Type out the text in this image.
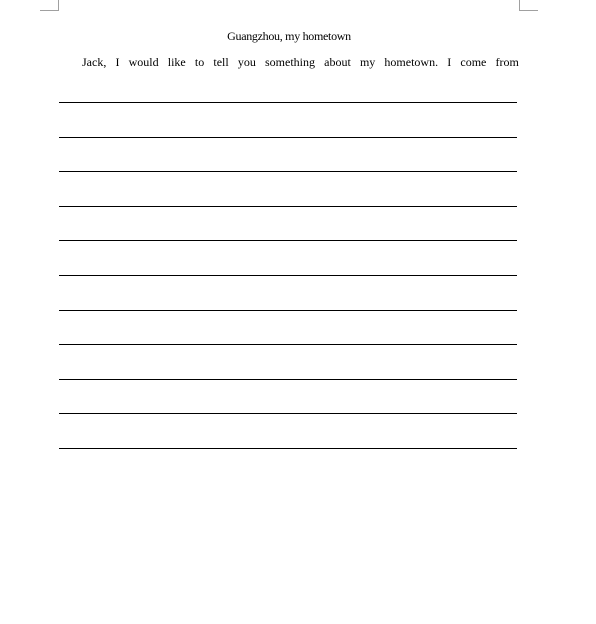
Guangzhou, my hometown
Jack, I would like to tell you something about my hometown. I come from
